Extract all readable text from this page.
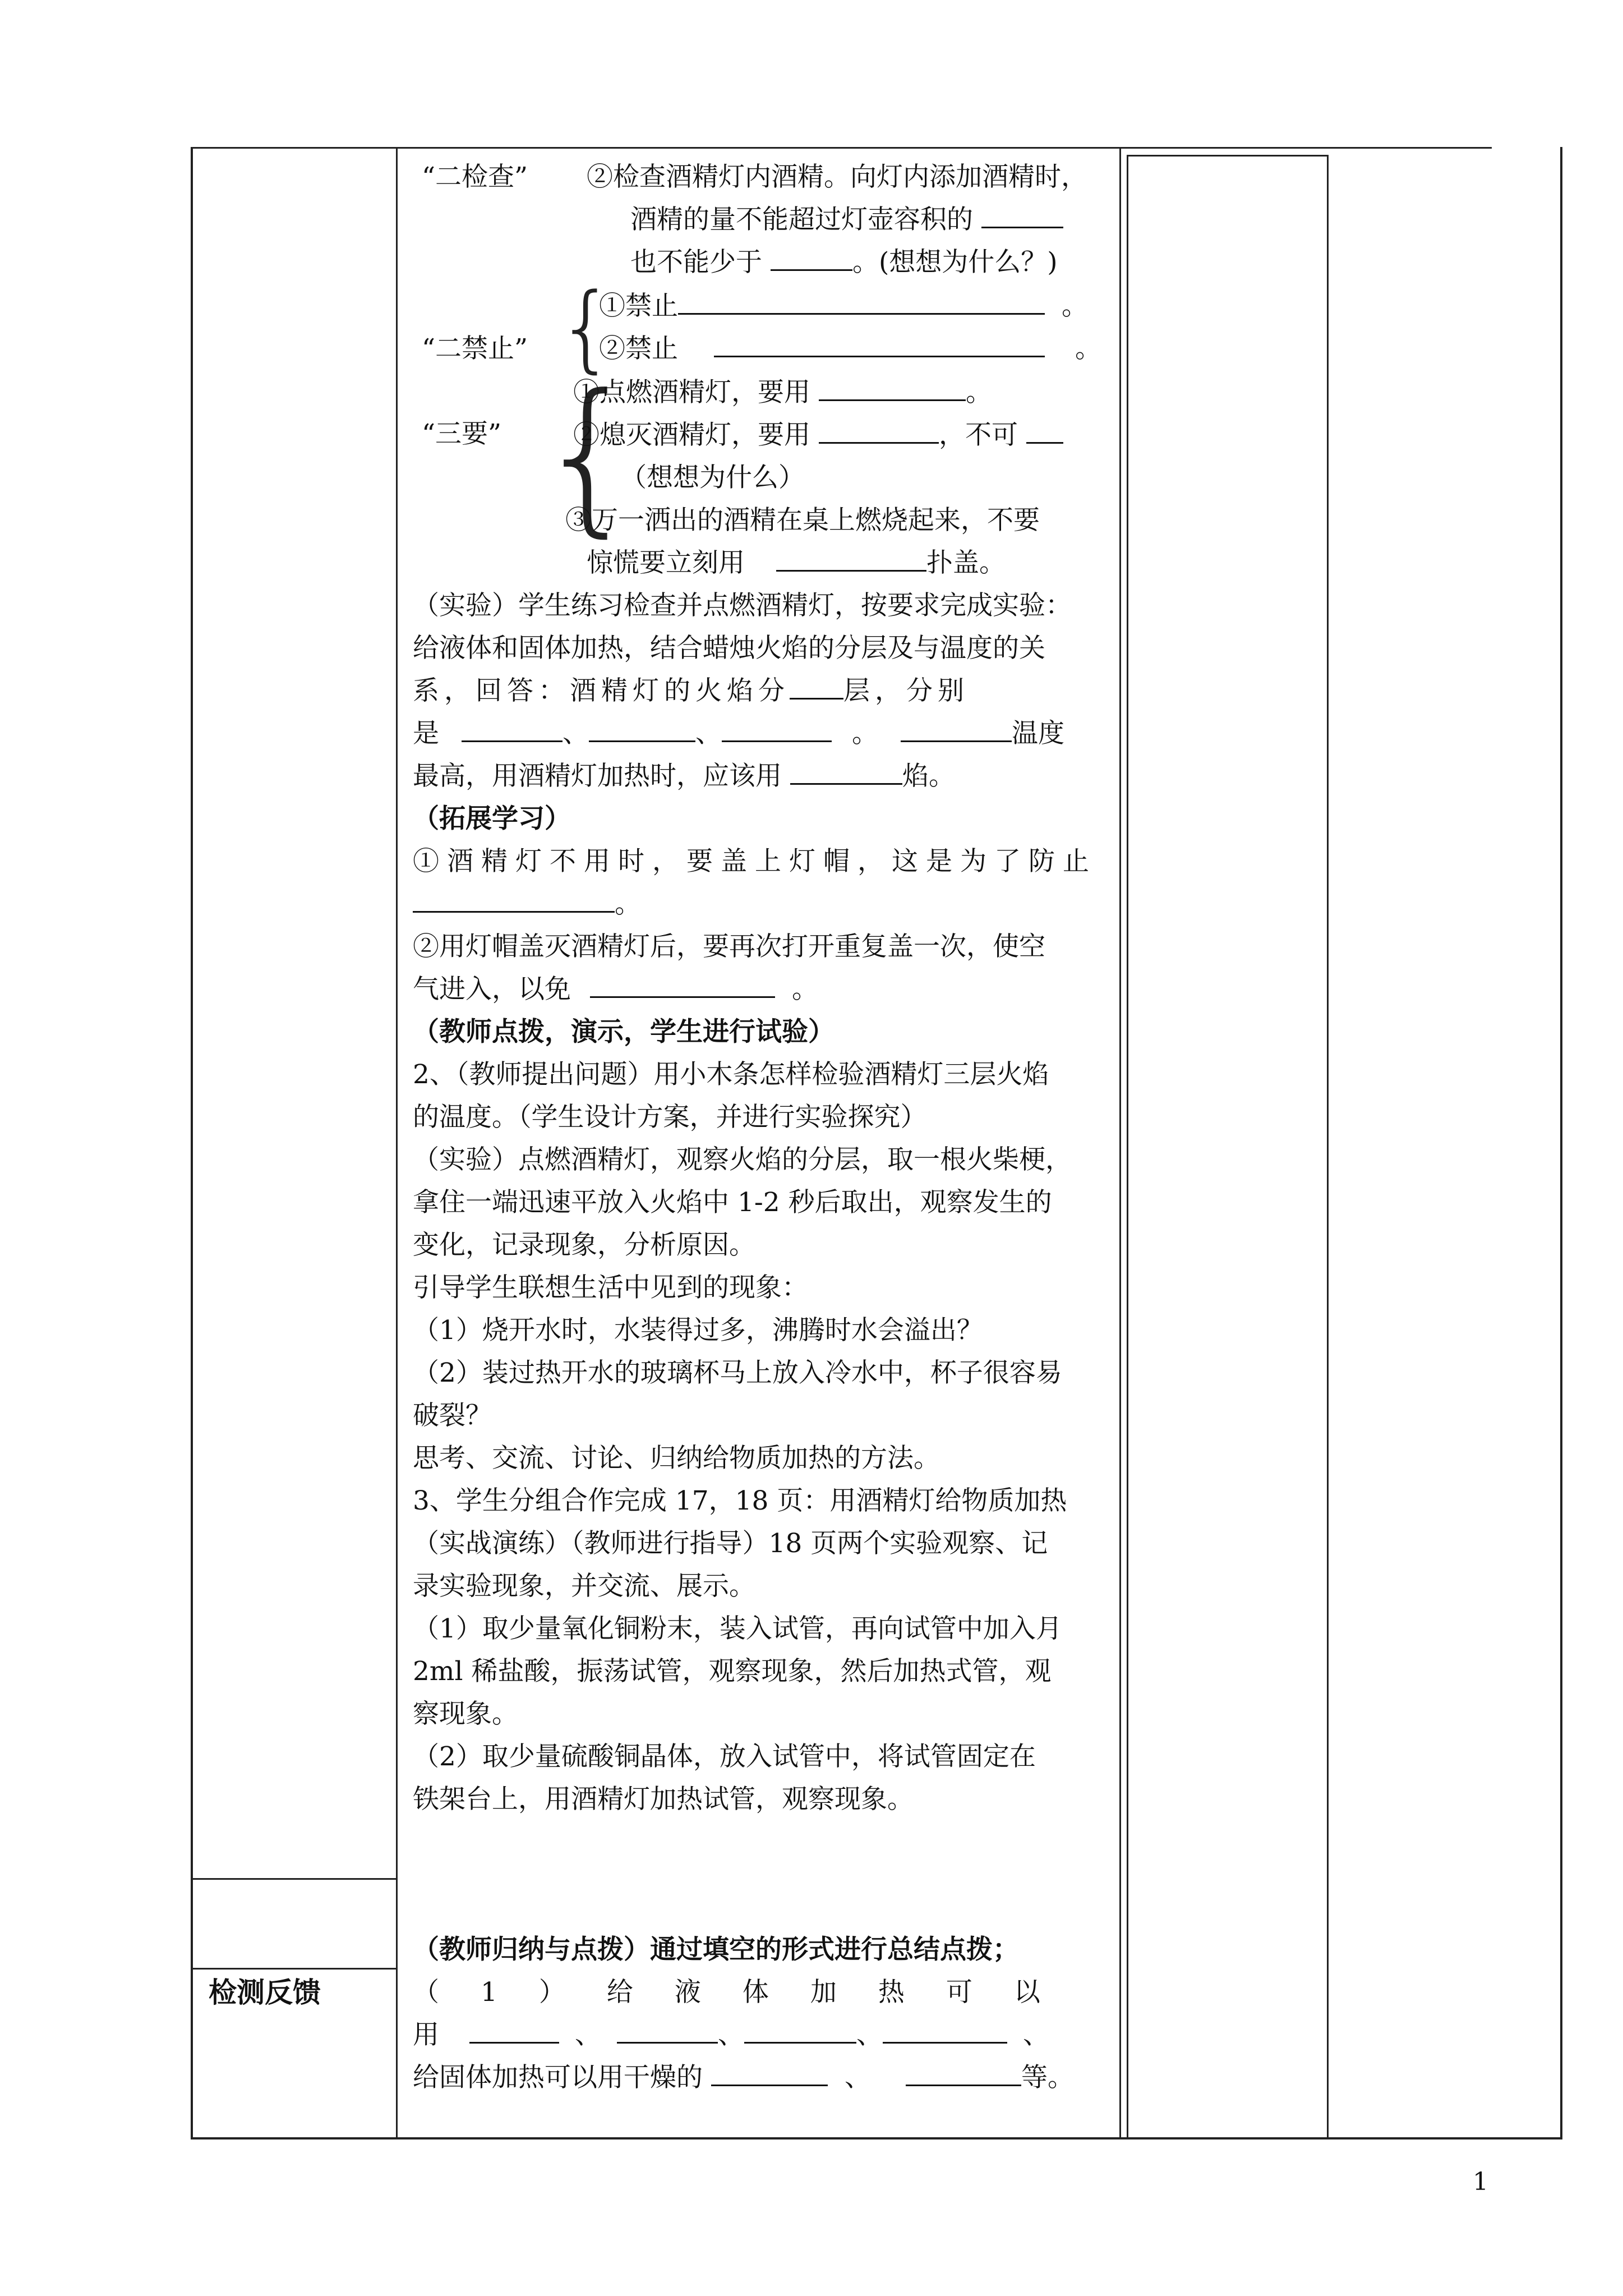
“二检查” ②检查酒精灯内酒精。向灯内添加酒精时，
酒精的量不能超过灯壶容积的
也不能少于	。(想想为什么？)
{
“二禁止”
①禁止	。
②禁止	。
{
“三要”
①点燃酒精灯，要用	。
②熄灭酒精灯，要用	，不可
（想想为什么）
③万一洒出的酒精在桌上燃烧起来，不要
惊慌要立刻用	扑盖。
（实验）学生练习检查并点燃酒精灯，按要求完成实验：
给液体和固体加热，结合蜡烛火焰的分层及与温度的关
系，回答：酒精灯的火焰分 层，分别
是	、	、	。	温度
最高，用酒精灯加热时，应该用	焰。
（拓展学习）
①酒精灯不用时，要盖上灯帽，这是为了防止
。
②用灯帽盖灭酒精灯后，要再次打开重复盖一次，使空
气进入，以免	。
（教师点拨，演示，学生进行试验）
2、（教师提出问题）用小木条怎样检验酒精灯三层火焰
的温度。（学生设计方案，并进行实验探究）
（实验）点燃酒精灯，观察火焰的分层，取一根火柴梗，
拿住一端迅速平放入火焰中 1-2 秒后取出，观察发生的
变化，记录现象，分析原因。
引导学生联想生活中见到的现象：
（1）烧开水时，水装得过多，沸腾时水会溢出？
（2）装过热开水的玻璃杯马上放入冷水中，杯子很容易
破裂？
思考、交流、讨论、归纳给物质加热的方法。
3、学生分组合作完成 17，18 页：用酒精灯给物质加热
（实战演练）（教师进行指导）18 页两个实验观察、记
录实验现象，并交流、展示。
（1）取少量氧化铜粉末，装入试管，再向试管中加入月
2ml 稀盐酸，振荡试管，观察现象，然后加热式管，观
察现象。
（2）取少量硫酸铜晶体，放入试管中，将试管固定在
铁架台上，用酒精灯加热试管，观察现象。
检测反馈
（教师归纳与点拨）通过填空的形式进行总结点拨；
（1）给液体加热可以
用	、	、	、	、
给固体加热可以用干燥的	、	等。
1
